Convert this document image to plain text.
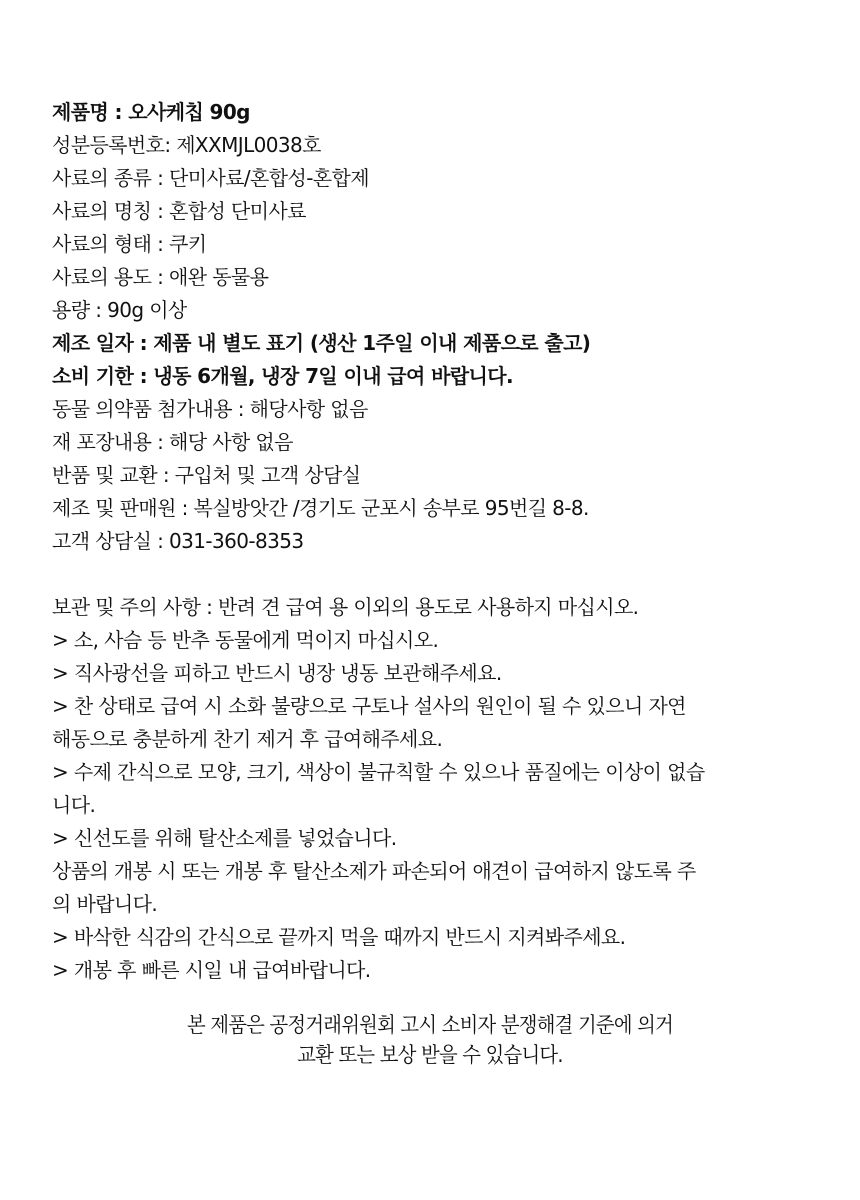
제품명 : 오사케칩 90g
성분등록번호: 제XXMJL0038호
사료의 종류 : 단미사료/혼합성-혼합제
사료의 명칭 : 혼합성 단미사료
사료의 형태 : 쿠키
사료의 용도 : 애완 동물용
용량 : 90g 이상
제조 일자 : 제품 내 별도 표기 (생산 1주일 이내 제품으로 출고)
소비 기한 : 냉동 6개월, 냉장 7일 이내 급여 바랍니다.
동물 의약품 첨가내용 : 해당사항 없음
재 포장내용 : 해당 사항 없음
반품 및 교환 : 구입처 및 고객 상담실
제조 및 판매원 : 복실방앗간 /경기도 군포시 송부로 95번길 8-8.
고객 상담실 : 031-360-8353
보관 및 주의 사항 : 반려 견 급여 용 이외의 용도로 사용하지 마십시오.
> 소, 사슴 등 반추 동물에게 먹이지 마십시오.
> 직사광선을 피하고 반드시 냉장 냉동 보관해주세요.
> 찬 상태로 급여 시 소화 불량으로 구토나 설사의 원인이 될 수 있으니 자연
해동으로 충분하게 찬기 제거 후 급여해주세요.
> 수제 간식으로 모양, 크기, 색상이 불규칙할 수 있으나 품질에는 이상이 없습
니다.
> 신선도를 위해 탈산소제를 넣었습니다.
상품의 개봉 시 또는 개봉 후 탈산소제가 파손되어 애견이 급여하지 않도록 주
의 바랍니다.
> 바삭한 식감의 간식으로 끝까지 먹을 때까지 반드시 지켜봐주세요.
> 개봉 후 빠른 시일 내 급여바랍니다.
본 제품은 공정거래위원회 고시 소비자 분쟁해결 기준에 의거
교환 또는 보상 받을 수 있습니다.
